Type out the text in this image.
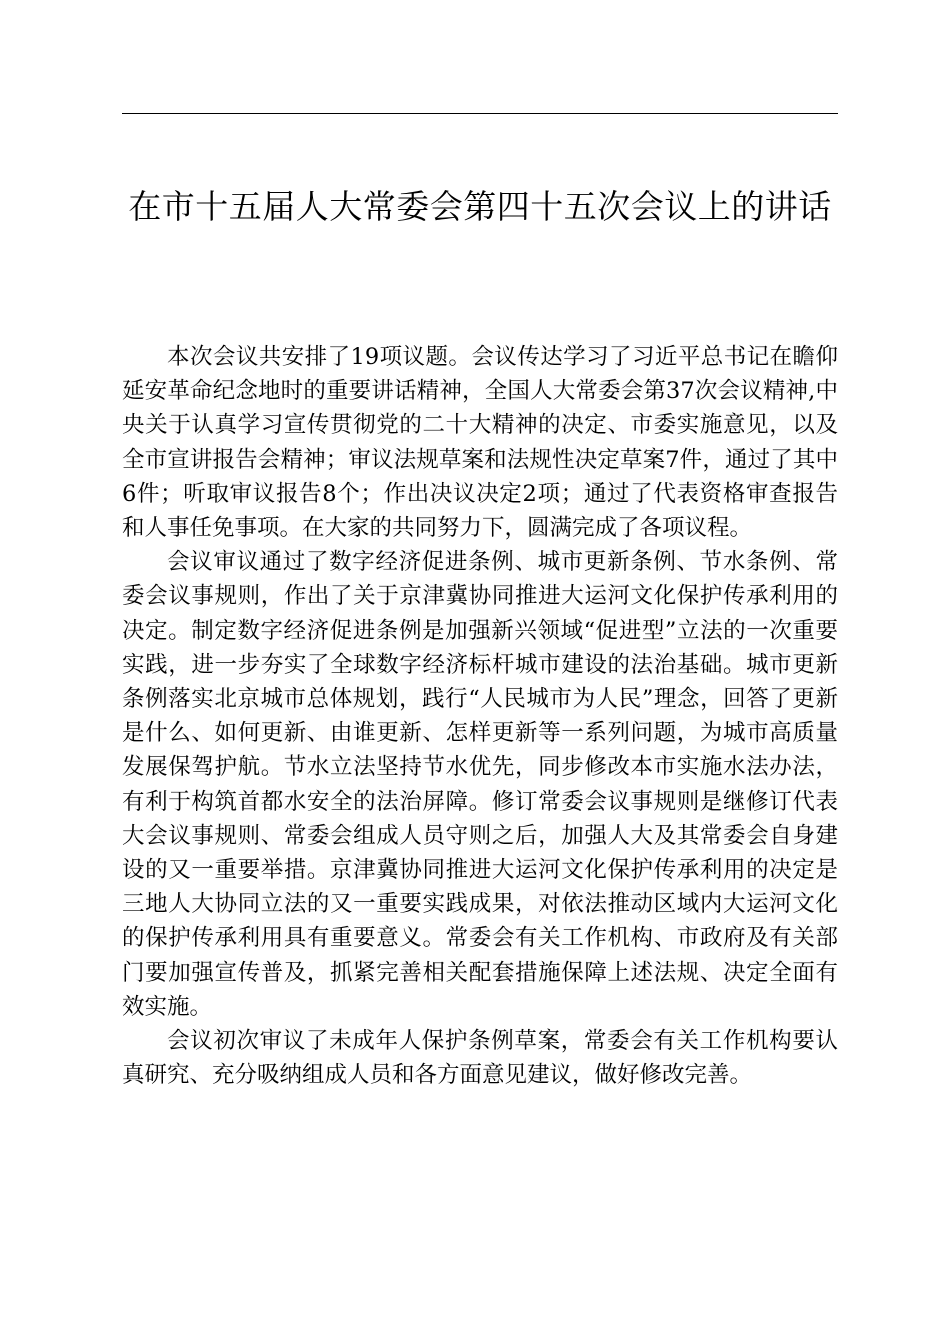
在市十五届人大常委会第四十五次会议上的讲话

本次会议共安排了19项议题。会议传达学习了习近平总书记在瞻仰延安革命纪念地时的重要讲话精神，全国人大常委会第37次会议精神,中央关于认真学习宣传贯彻党的二十大精神的决定、市委实施意见，以及全市宣讲报告会精神；审议法规草案和法规性决定草案7件，通过了其中6件；听取审议报告8个；作出决议决定2项；通过了代表资格审查报告和人事任免事项。在大家的共同努力下，圆满完成了各项议程。

会议审议通过了数字经济促进条例、城市更新条例、节水条例、常委会议事规则，作出了关于京津冀协同推进大运河文化保护传承利用的决定。制定数字经济促进条例是加强新兴领域“促进型”立法的一次重要实践，进一步夯实了全球数字经济标杆城市建设的法治基础。城市更新条例落实北京城市总体规划，践行“人民城市为人民”理念，回答了更新是什么、如何更新、由谁更新、怎样更新等一系列问题，为城市高质量发展保驾护航。节水立法坚持节水优先，同步修改本市实施水法办法，有利于构筑首都水安全的法治屏障。修订常委会议事规则是继修订代表大会议事规则、常委会组成人员守则之后，加强人大及其常委会自身建设的又一重要举措。京津冀协同推进大运河文化保护传承利用的决定是三地人大协同立法的又一重要实践成果，对依法推动区域内大运河文化的保护传承利用具有重要意义。常委会有关工作机构、市政府及有关部门要加强宣传普及，抓紧完善相关配套措施保障上述法规、决定全面有效实施。

会议初次审议了未成年人保护条例草案，常委会有关工作机构要认真研究、充分吸纳组成人员和各方面意见建议，做好修改完善。
